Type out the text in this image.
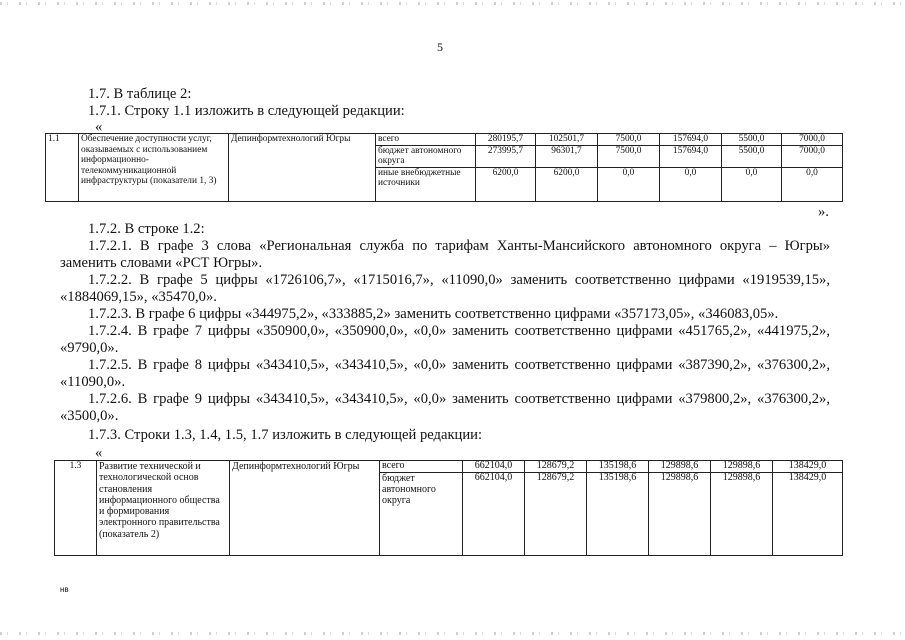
5
1.7. В таблице 2:
1.7.1. Строку 1.1 изложить в следующей редакции:
«
1.1	Обеспечение доступности услуг, оказываемых с использованием информационно-телекоммуникационной инфраструктуры (показатели 1, 3)	Депинформтехнологий Югры	всего	280195,7	102501,7	7500,0	157694,0	5500,0	7000,0
			бюджет автономного округа	273995,7	96301,7	7500,0	157694,0	5500,0	7000,0
			иные внебюджетные источники	6200,0	6200,0	0,0	0,0	0,0	0,0
».
1.7.2. В строке 1.2:
1.7.2.1. В графе 3 слова «Региональная служба по тарифам Ханты-Мансийского автономного округа – Югры» заменить словами «РСТ Югры».
1.7.2.2. В графе 5 цифры «1726106,7», «1715016,7», «11090,0» заменить соответственно цифрами «1919539,15», «1884069,15», «35470,0».
1.7.2.3. В графе 6 цифры «344975,2», «333885,2» заменить соответственно цифрами «357173,05», «346083,05».
1.7.2.4. В графе 7 цифры «350900,0», «350900,0», «0,0» заменить соответственно цифрами «451765,2», «441975,2», «9790,0».
1.7.2.5. В графе 8 цифры «343410,5», «343410,5», «0,0» заменить соответственно цифрами «387390,2», «376300,2», «11090,0».
1.7.2.6. В графе 9 цифры «343410,5», «343410,5», «0,0» заменить соответственно цифрами «379800,2», «376300,2», «3500,0».
1.7.3. Строки 1.3, 1.4, 1.5, 1.7 изложить в следующей редакции:
«
1.3	Развитие технической и технологической основ становления информационного общества и формирования электронного правительства (показатель 2)	Депинформтехнологий Югры	всего	662104,0	128679,2	135198,6	129898,6	129898,6	138429,0
			бюджет автономного округа	662104,0	128679,2	135198,6	129898,6	129898,6	138429,0
нв
